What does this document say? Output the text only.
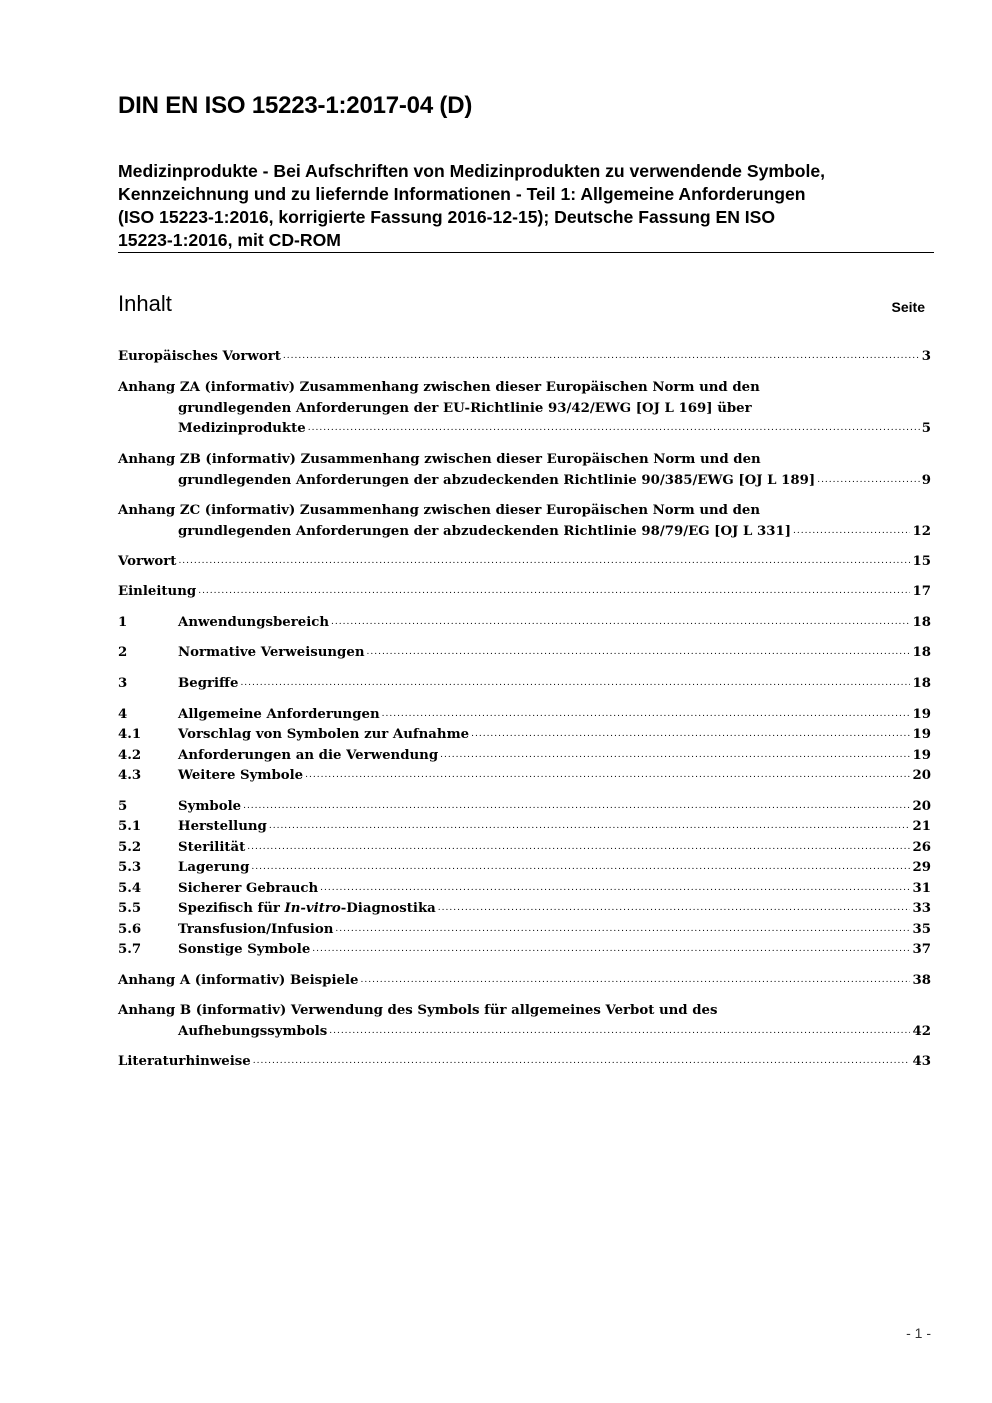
DIN EN ISO 15223-1:2017-04 (D)
Medizinprodukte - Bei Aufschriften von Medizinprodukten zu verwendende Symbole,
Kennzeichnung und zu liefernde Informationen - Teil 1: Allgemeine Anforderungen
(ISO 15223-1:2016, korrigierte Fassung 2016-12-15); Deutsche Fassung EN ISO
15223-1:2016, mit CD-ROM
Inhalt	Seite
Europäisches Vorwort .....	3
Anhang ZA (informativ) Zusammenhang zwischen dieser Europäischen Norm und den
grundlegenden Anforderungen der EU-Richtlinie 93/42/EWG [OJ L 169] über
Medizinprodukte .....	5
Anhang ZB (informativ) Zusammenhang zwischen dieser Europäischen Norm und den
grundlegenden Anforderungen der abzudeckenden Richtlinie 90/385/EWG [OJ L 189] .....	9
Anhang ZC (informativ) Zusammenhang zwischen dieser Europäischen Norm und den
grundlegenden Anforderungen der abzudeckenden Richtlinie 98/79/EG [OJ L 331] .....	12
Vorwort .....	15
Einleitung .....	17
1	Anwendungsbereich .....	18
2	Normative Verweisungen .....	18
3	Begriffe .....	18
4	Allgemeine Anforderungen .....	19
4.1	Vorschlag von Symbolen zur Aufnahme .....	19
4.2	Anforderungen an die Verwendung .....	19
4.3	Weitere Symbole .....	20
5	Symbole .....	20
5.1	Herstellung .....	21
5.2	Sterilität .....	26
5.3	Lagerung .....	29
5.4	Sicherer Gebrauch .....	31
5.5	Spezifisch für In-vitro-Diagnostika .....	33
5.6	Transfusion/Infusion .....	35
5.7	Sonstige Symbole .....	37
Anhang A (informativ) Beispiele .....	38
Anhang B (informativ) Verwendung des Symbols für allgemeines Verbot und des
Aufhebungssymbols .....	42
Literaturhinweise .....	43
- 1 -
